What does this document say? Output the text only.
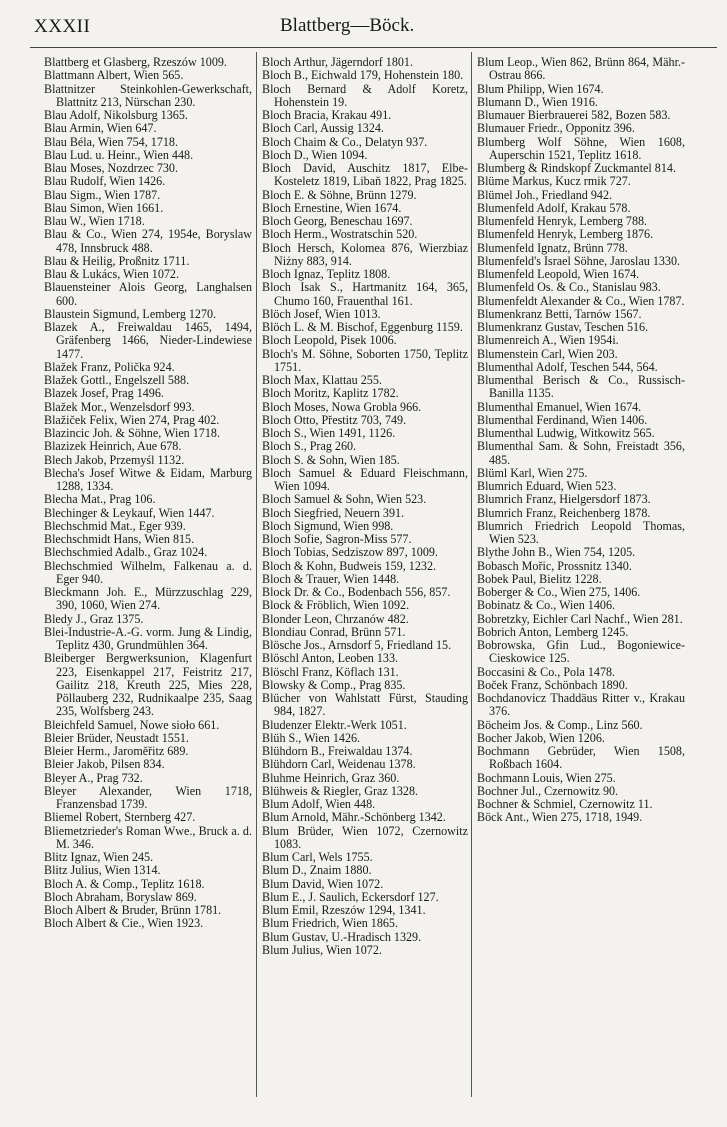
XXXII	Blattberg—Böck.
Blattberg et Glasberg, Rzeszów 1009.
Blattmann Albert, Wien 565.
Blattnitzer Steinkohlen-Gewerkschaft, Blattnitz 213, Nürschan 230.
Blau Adolf, Nikolsburg 1365.
Blau Armin, Wien 647.
Blau Béla, Wien 754, 1718.
Blau Lud. u. Heinr., Wien 448.
Blau Moses, Nozdrzec 730.
Blau Rudolf, Wien 1426.
Blau Sigm., Wien 1787.
Blau Simon, Wien 1661.
Blau W., Wien 1718.
Blau & Co., Wien 274, 1954e, Boryslaw 478, Innsbruck 488.
Blau & Heilig, Proßnitz 1711.
Blau & Lukács, Wien 1072.
Blauensteiner Alois Georg, Langhalsen 600.
Blaustein Sigmund, Lemberg 1270.
Blazek A., Freiwaldau 1465, 1494, Gräfenberg 1466, Nieder-Lindewiese 1477.
Blažek Franz, Polička 924.
Blažek Gottl., Engelszell 588.
Blazek Josef, Prag 1496.
Blažek Mor., Wenzelsdorf 993.
Blažiček Felix, Wien 274, Prag 402.
Blazincic Joh. & Söhne, Wien 1718.
Blazizek Heinrich, Aue 678.
Blech Jakob, Przemyśl 1132.
Blecha's Josef Witwe & Eidam, Marburg 1288, 1334.
Blecha Mat., Prag 106.
Blechinger & Leykauf, Wien 1447.
Blechschmid Mat., Eger 939.
Blechschmidt Hans, Wien 815.
Blechschmied Adalb., Graz 1024.
Blechschmied Wilhelm, Falkenau a. d. Eger 940.
Bleckmann Joh. E., Mürzzuschlag 229, 390, 1060, Wien 274.
Bledy J., Graz 1375.
Blei-Industrie-A.-G. vorm. Jung & Lindig, Teplitz 430, Grundmühlen 364.
Bleiberger Bergwerksunion, Klagenfurt 223, Eisenkappel 217, Feistritz 217, Gailitz 218, Kreuth 225, Mies 228, Pöllauberg 232, Rudnikaalpe 235, Saag 235, Wolfsberg 243.
Bleichfeld Samuel, Nowe sioło 661.
Bleier Brüder, Neustadt 1551.
Bleier Herm., Jaroměřitz 689.
Bleier Jakob, Pilsen 834.
Bleyer A., Prag 732.
Bleyer Alexander, Wien 1718, Franzensbad 1739.
Bliemel Robert, Sternberg 427.
Bliemetzrieder's Roman Wwe., Bruck a. d. M. 346.
Blitz Ignaz, Wien 245.
Blitz Julius, Wien 1314.
Bloch A. & Comp., Teplitz 1618.
Bloch Abraham, Boryslaw 869.
Bloch Albert & Bruder, Brünn 1781.
Bloch Albert & Cie., Wien 1923.
Bloch Arthur, Jägerndorf 1801.
Bloch B., Eichwald 179, Hohenstein 180.
Bloch Bernard & Adolf Koretz, Hohenstein 19.
Bloch Bracia, Krakau 491.
Bloch Carl, Aussig 1324.
Bloch Chaim & Co., Delatyn 937.
Bloch D., Wien 1094.
Bloch David, Auschitz 1817, Elbe-Kosteletz 1819, Libaň 1822, Prag 1825.
Bloch E. & Söhne, Brünn 1279.
Bloch Ernestine, Wien 1674.
Bloch Georg, Beneschau 1697.
Bloch Herm., Wostratschin 520.
Bloch Hersch, Kolomea 876, Wierzbiaz Niżny 883, 914.
Bloch Ignaz, Teplitz 1808.
Bloch Isak S., Hartmanitz 164, 365, Chumo 160, Frauenthal 161.
Blöch Josef, Wien 1013.
Blöch L. & M. Bischof, Eggenburg 1159.
Bloch Leopold, Pisek 1006.
Bloch's M. Söhne, Soborten 1750, Teplitz 1751.
Bloch Max, Klattau 255.
Bloch Moritz, Kaplitz 1782.
Bloch Moses, Nowa Grobla 966.
Bloch Otto, Přestitz 703, 749.
Bloch S., Wien 1491, 1126.
Bloch S., Prag 260.
Bloch S. & Sohn, Wien 185.
Bloch Samuel & Eduard Fleischmann, Wien 1094.
Bloch Samuel & Sohn, Wien 523.
Bloch Siegfried, Neuern 391.
Bloch Sigmund, Wien 998.
Bloch Sofie, Sagron-Miss 577.
Bloch Tobias, Sedziszow 897, 1009.
Bloch & Kohn, Budweis 159, 1232.
Bloch & Trauer, Wien 1448.
Block Dr. & Co., Bodenbach 556, 857.
Block & Fröblich, Wien 1092.
Blonder Leon, Chrzanów 482.
Blondiau Conrad, Brünn 571.
Blösche Jos., Arnsdorf 5, Friedland 15.
Blöschl Anton, Leoben 133.
Blöschl Franz, Köflach 131.
Blowsky & Comp., Prag 835.
Blücher von Wahlstatt Fürst, Stauding 984, 1827.
Bludenzer Elektr.-Werk 1051.
Blüh S., Wien 1426.
Blühdorn B., Freiwaldau 1374.
Blühdorn Carl, Weidenau 1378.
Bluhme Heinrich, Graz 360.
Blühweis & Riegler, Graz 1328.
Blum Adolf, Wien 448.
Blum Arnold, Mähr.-Schönberg 1342.
Blum Brüder, Wien 1072, Czernowitz 1083.
Blum Carl, Wels 1755.
Blum D., Znaim 1880.
Blum David, Wien 1072.
Blum E., J. Saulich, Eckersdorf 127.
Blum Emil, Rzeszów 1294, 1341.
Blum Friedrich, Wien 1865.
Blum Gustav, U.-Hradisch 1329.
Blum Julius, Wien 1072.
Blum Leop., Wien 862, Brünn 864, Mähr.-Ostrau 866.
Blum Philipp, Wien 1674.
Blumann D., Wien 1916.
Blumauer Bierbrauerei 582, Bozen 583.
Blumauer Friedr., Opponitz 396.
Blumberg Wolf Söhne, Wien 1608, Auperschin 1521, Teplitz 1618.
Blumberg & Rindskopf Zuckmantel 814.
Blüme Markus, Kucz rmik 727.
Blümel Joh., Friedland 942.
Blumenfeld Adolf, Krakau 578.
Blumenfeld Henryk, Lemberg 788.
Blumenfeld Henryk, Lemberg 1876.
Blumenfeld Ignatz, Brünn 778.
Blumenfeld's Israel Söhne, Jaroslau 1330.
Blumenfeld Leopold, Wien 1674.
Blumenfeld Os. & Co., Stanislau 983.
Blumenfeldt Alexander & Co., Wien 1787.
Blumenkranz Betti, Tarnów 1567.
Blumenkranz Gustav, Teschen 516.
Blumenreich A., Wien 1954i.
Blumenstein Carl, Wien 203.
Blumenthal Adolf, Teschen 544, 564.
Blumenthal Berisch & Co., Russisch-Banilla 1135.
Blumenthal Emanuel, Wien 1674.
Blumenthal Ferdinand, Wien 1406.
Blumenthal Ludwig, Witkowitz 565.
Blumenthal Sam. & Sohn, Freistadt 356, 485.
Blüml Karl, Wien 275.
Blumrich Eduard, Wien 523.
Blumrich Franz, Hielgersdorf 1873.
Blumrich Franz, Reichenberg 1878.
Blumrich Friedrich Leopold Thomas, Wien 523.
Blythe John B., Wien 754, 1205.
Bobasch Mořic, Prossnitz 1340.
Bobek Paul, Bielitz 1228.
Boberger & Co., Wien 275, 1406.
Bobinatz & Co., Wien 1406.
Bobretzky, Eichler Carl Nachf., Wien 281.
Bobrich Anton, Lemberg 1245.
Bobrowska, Gfin Lud., Bogoniewice-Cieskowice 125.
Boccasini & Co., Pola 1478.
Boček Franz, Schönbach 1890.
Bochdanovicz Thaddäus Ritter v., Krakau 376.
Böcheim Jos. & Comp., Linz 560.
Bocher Jakob, Wien 1206.
Bochmann Gebrüder, Wien 1508, Roßbach 1604.
Bochmann Louis, Wien 275.
Bochner Jul., Czernowitz 90.
Bochner & Schmiel, Czernowitz 11.
Böck Ant., Wien 275, 1718, 1949.
